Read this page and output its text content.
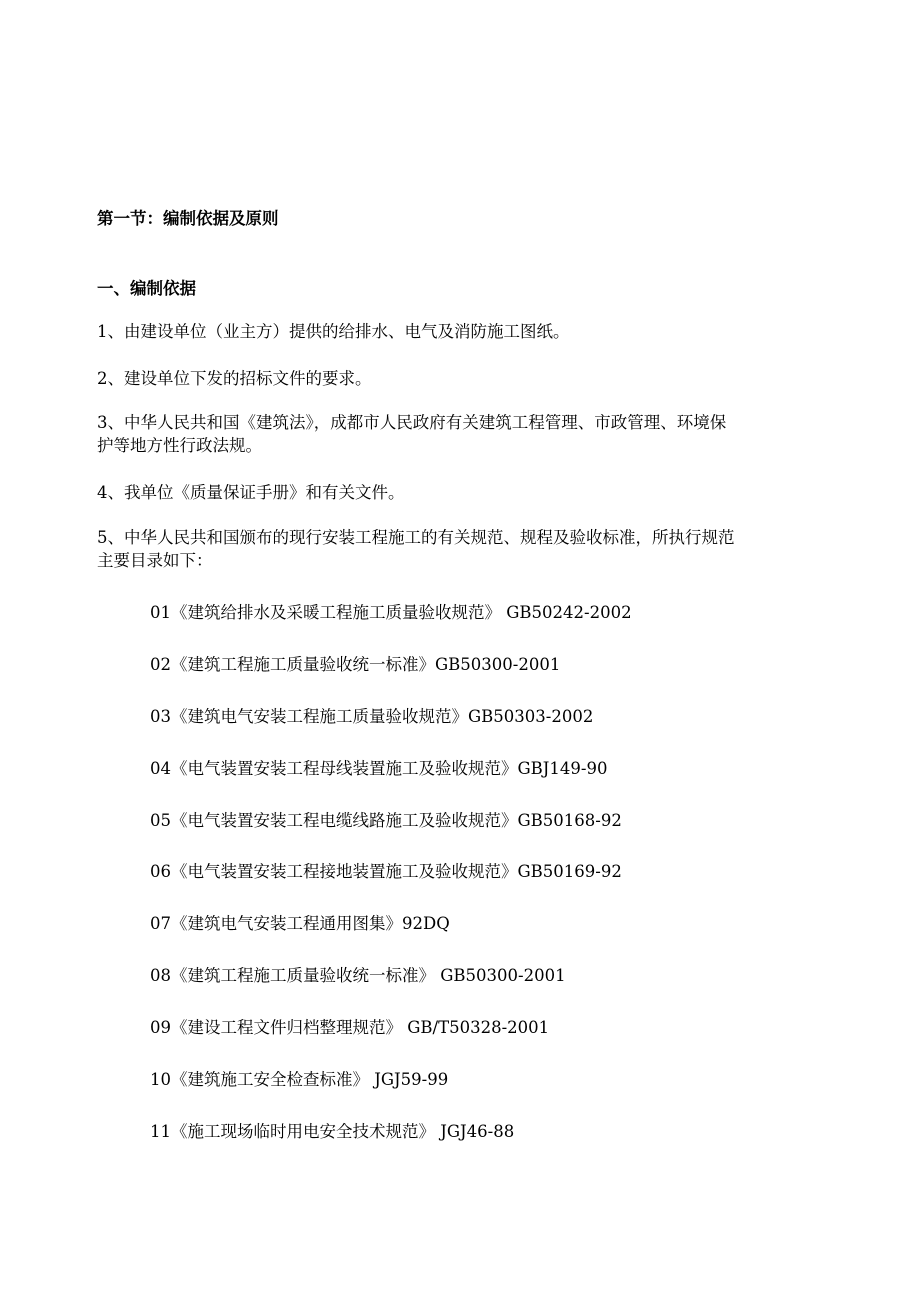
第一节：编制依据及原则
一、编制依据
1、由建设单位（业主方）提供的给排水、电气及消防施工图纸。
2、建设单位下发的招标文件的要求。
3、中华人民共和国《建筑法》，成都市人民政府有关建筑工程管理、市政管理、环境保
护等地方性行政法规。
4、我单位《质量保证手册》和有关文件。
5、中华人民共和国颁布的现行安装工程施工的有关规范、规程及验收标准，所执行规范
主要目录如下：
01《建筑给排水及采暖工程施工质量验收规范》 GB50242-2002
02《建筑工程施工质量验收统一标准》GB50300-2001
03《建筑电气安装工程施工质量验收规范》GB50303-2002
04《电气装置安装工程母线装置施工及验收规范》GBJ149-90
05《电气装置安装工程电缆线路施工及验收规范》GB50168-92
06《电气装置安装工程接地装置施工及验收规范》GB50169-92
07《建筑电气安装工程通用图集》92DQ
08《建筑工程施工质量验收统一标准》 GB50300-2001
09《建设工程文件归档整理规范》 GB/T50328-2001
10《建筑施工安全检查标准》 JGJ59-99
11《施工现场临时用电安全技术规范》 JGJ46-88
